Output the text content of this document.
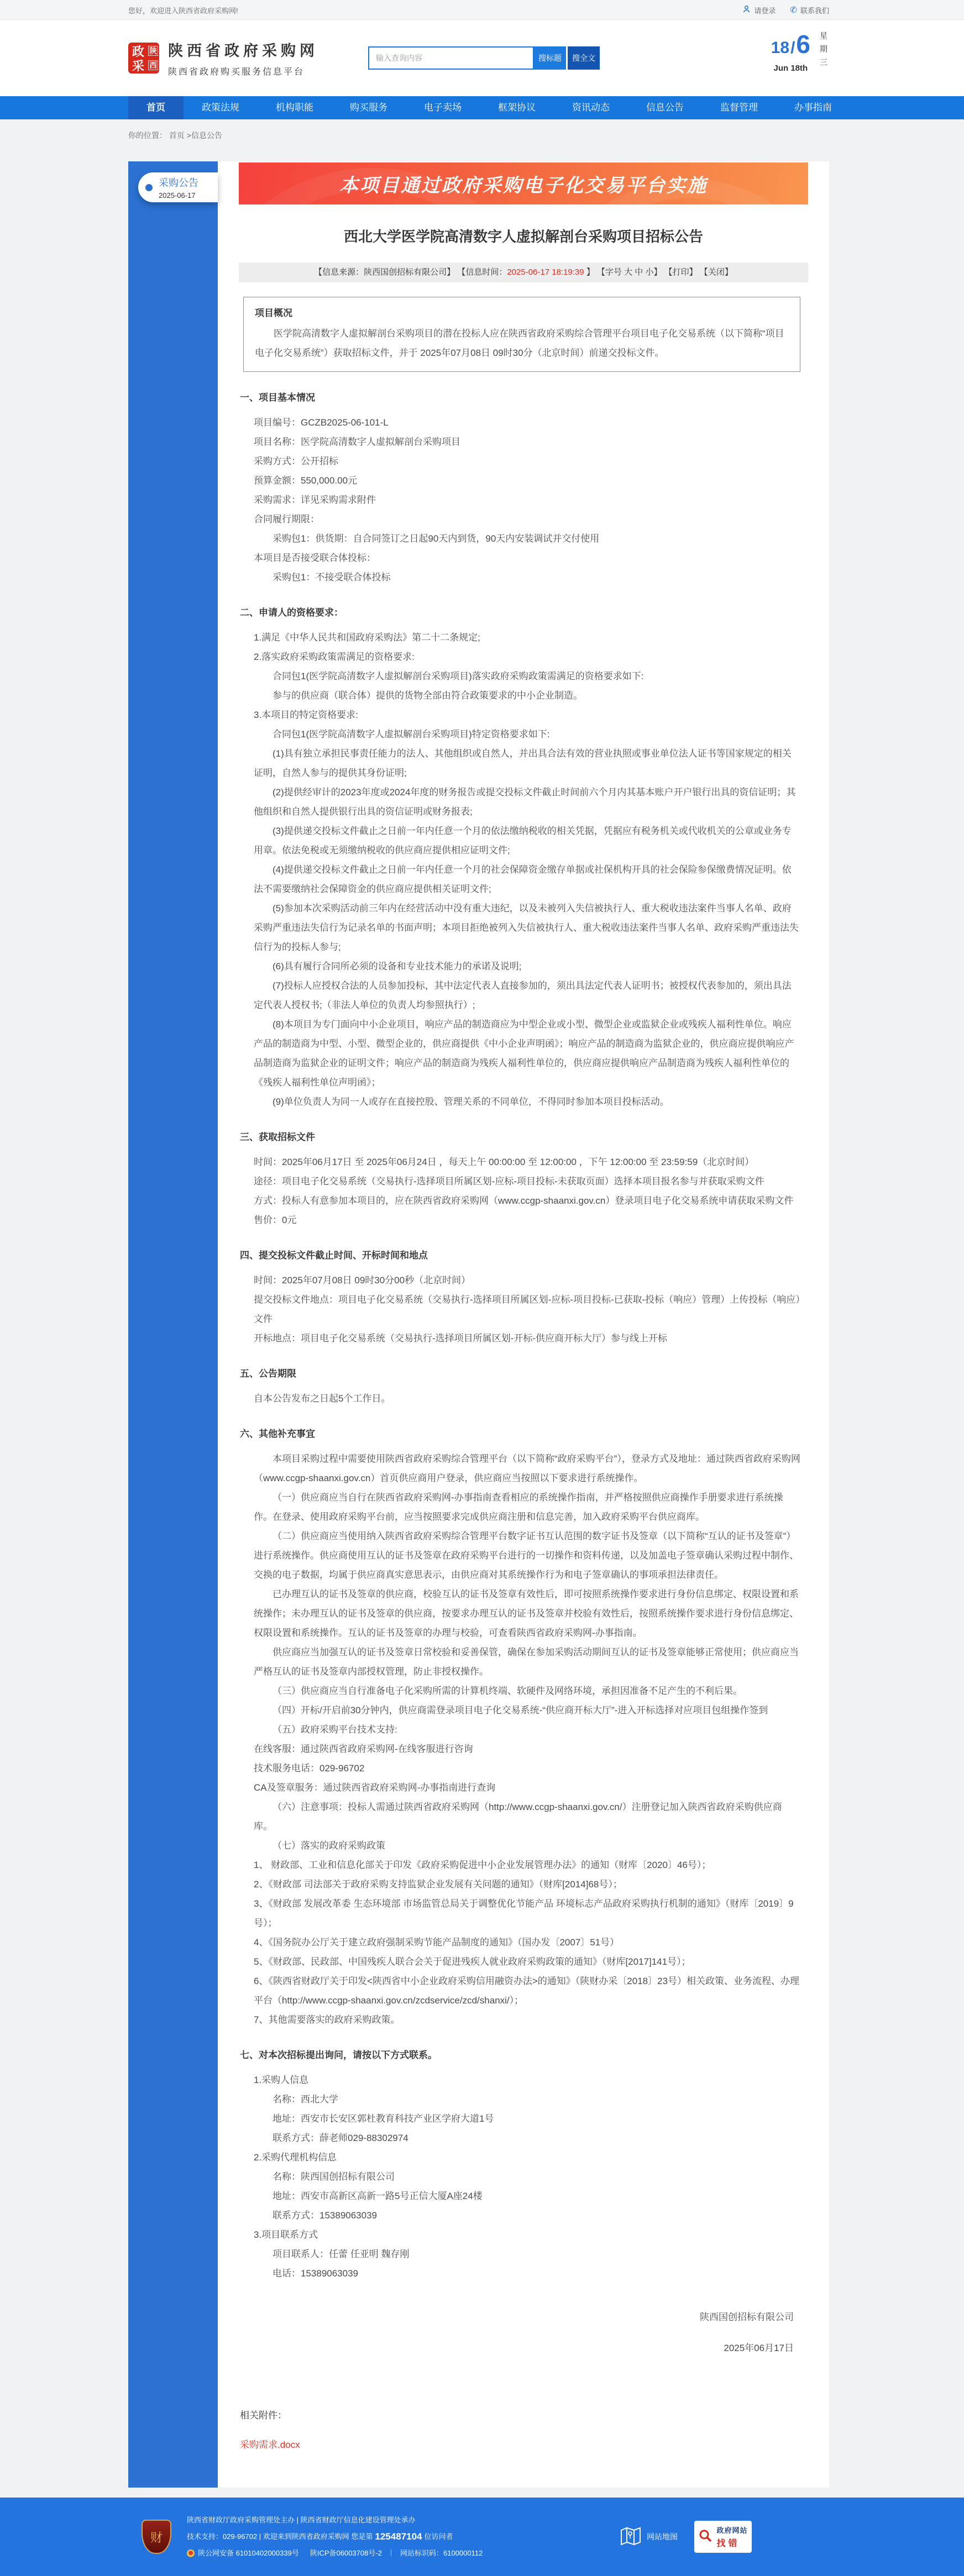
您好，欢迎进入陕西省政府采购网!	请登录 ✆ 联系我们
政 陕
采 西
陕西省政府采购网
陕西省政府购买服务信息平台
输入查询内容
搜标题	搜全文
18 / 6
Jun 18th	星期三
首页	政策法规	机构职能	购买服务	电子卖场	框架协议	资讯动态	信息公告	监督管理	办事指南
你的位置： 首页 >信息公告
采购公告
2025-06-17	本项目通过政府采购电子化交易平台实施
西北大学医学院高清数字人虚拟解剖台采购项目招标公告
【信息来源：陕西国创招标有限公司】 【信息时间：2025-06-17 18:19:39 】 【字号 大 中 小】 【打印】 【关闭】
项目概况
医学院高清数字人虚拟解剖台采购项目的潜在投标人应在陕西省政府采购综合管理平台项目电子化交易系统（以下简称“项目电子化交易系统”）获取招标文件，并于 2025年07月08日 09时30分（北京时间）前递交投标文件。
一、项目基本情况

项目编号：GCZB2025-06-101-L

项目名称：医学院高清数字人虚拟解剖台采购项目

采购方式：公开招标

预算金额：550,000.00元

采购需求：详见采购需求附件

合同履行期限：

采购包1：供货期：自合同签订之日起90天内到货，90天内安装调试并交付使用

本项目是否接受联合体投标：

采购包1：不接受联合体投标

二、申请人的资格要求：

1.满足《中华人民共和国政府采购法》第二十二条规定;

2.落实政府采购政策需满足的资格要求:

合同包1(医学院高清数字人虚拟解剖台采购项目)落实政府采购政策需满足的资格要求如下:

参与的供应商（联合体）提供的货物全部由符合政策要求的中小企业制造。

3.本项目的特定资格要求:

合同包1(医学院高清数字人虚拟解剖台采购项目)特定资格要求如下:

(1)具有独立承担民事责任能力的法人、其他组织或自然人，并出具合法有效的营业执照或事业单位法人证书等国家规定的相关证明，自然人参与的提供其身份证明;

(2)提供经审计的2023年度或2024年度的财务报告或提交投标文件截止时间前六个月内其基本账户开户银行出具的资信证明；其他组织和自然人提供银行出具的资信证明或财务报表;

(3)提供递交投标文件截止之日前一年内任意一个月的依法缴纳税收的相关凭据，凭据应有税务机关或代收机关的公章或业务专用章。依法免税或无须缴纳税收的供应商应提供相应证明文件;

(4)提供递交投标文件截止之日前一年内任意一个月的社会保障资金缴存单据或社保机构开具的社会保险参保缴费情况证明。依法不需要缴纳社会保障资金的供应商应提供相关证明文件;

(5)参加本次采购活动前三年内在经营活动中没有重大违纪，以及未被列入失信被执行人、重大税收违法案件当事人名单、政府采购严重违法失信行为记录名单的书面声明；本项目拒绝被列入失信被执行人、重大税收违法案件当事人名单、政府采购严重违法失信行为的投标人参与;

(6)具有履行合同所必须的设备和专业技术能力的承诺及说明;

(7)投标人应授权合法的人员参加投标，其中法定代表人直接参加的，须出具法定代表人证明书；被授权代表参加的，须出具法定代表人授权书;（非法人单位的负责人均参照执行）;

(8)本项目为专门面向中小企业项目，响应产品的制造商应为中型企业或小型、微型企业或监狱企业或残疾人福利性单位。响应产品的制造商为中型、小型、微型企业的，供应商提供《中小企业声明函》；响应产品的制造商为监狱企业的，供应商应提供响应产品制造商为监狱企业的证明文件；响应产品的制造商为残疾人福利性单位的，供应商应提供响应产品制造商为残疾人福利性单位的《残疾人福利性单位声明函》；

(9)单位负责人为同一人或存在直接控股、管理关系的不同单位，不得同时参加本项目投标活动。

三、获取招标文件

时间：2025年06月17日 至 2025年06月24日 ，每天上午 00:00:00 至 12:00:00 ，下午 12:00:00 至 23:59:59（北京时间）

途径：项目电子化交易系统（交易执行-选择项目所属区划-应标-项目投标-未获取页面）选择本项目报名参与并获取采购文件

方式：投标人有意参加本项目的，应在陕西省政府采购网（www.ccgp-shaanxi.gov.cn）登录项目电子化交易系统申请获取采购文件

售价：0元

四、提交投标文件截止时间、开标时间和地点

时间：2025年07月08日 09时30分00秒（北京时间）

提交投标文件地点：项目电子化交易系统（交易执行-选择项目所属区划-应标-项目投标-已获取-投标（响应）管理）上传投标（响应）文件

开标地点：项目电子化交易系统（交易执行-选择项目所属区划-开标-供应商开标大厅）参与线上开标

五、公告期限

自本公告发布之日起5个工作日。

六、其他补充事宜

本项目采购过程中需要使用陕西省政府采购综合管理平台（以下简称“政府采购平台”），登录方式及地址：通过陕西省政府采购网（www.ccgp-shaanxi.gov.cn）首页供应商用户登录，供应商应当按照以下要求进行系统操作。

（一）供应商应当自行在陕西省政府采购网-办事指南查看相应的系统操作指南，并严格按照供应商操作手册要求进行系统操作。在登录、使用政府采购平台前，应当按照要求完成供应商注册和信息完善，加入政府采购平台供应商库。

（二）供应商应当使用纳入陕西省政府采购综合管理平台数字证书互认范围的数字证书及签章（以下简称“互认的证书及签章”）进行系统操作。供应商使用互认的证书及签章在政府采购平台进行的一切操作和资料传递，以及加盖电子签章确认采购过程中制作、交换的电子数据，均属于供应商真实意思表示，由供应商对其系统操作行为和电子签章确认的事项承担法律责任。

已办理互认的证书及签章的供应商，校验互认的证书及签章有效性后，即可按照系统操作要求进行身份信息绑定、权限设置和系统操作；未办理互认的证书及签章的供应商，按要求办理互认的证书及签章并校验有效性后，按照系统操作要求进行身份信息绑定、权限设置和系统操作。互认的证书及签章的办理与校验，可查看陕西省政府采购网-办事指南。

供应商应当加强互认的证书及签章日常校验和妥善保管，确保在参加采购活动期间互认的证书及签章能够正常使用；供应商应当严格互认的证书及签章内部授权管理，防止非授权操作。

（三）供应商应当自行准备电子化采购所需的计算机终端、软硬件及网络环境，承担因准备不足产生的不利后果。

（四）开标/开启前30分钟内，供应商需登录项目电子化交易系统-“供应商开标大厅”-进入开标选择对应项目包组操作签到

（五）政府采购平台技术支持:

在线客服：通过陕西省政府采购网-在线客服进行咨询

技术服务电话：029-96702

CA及签章服务：通过陕西省政府采购网-办事指南进行查询

（六）注意事项：投标人需通过陕西省政府采购网（http://www.ccgp-shaanxi.gov.cn/）注册登记加入陕西省政府采购供应商库。

（七）落实的政府采购政策

1、 财政部、工业和信息化部关于印发《政府采购促进中小企业发展管理办法》的通知（财库〔2020〕46号）；

2、《财政部 司法部关于政府采购支持监狱企业发展有关问题的通知》（财库[2014]68号）；

3、《财政部 发展改革委 生态环境部 市场监管总局关于调整优化节能产品 环境标志产品政府采购执行机制的通知》（财库〔2019〕9号）；

4、《国务院办公厅关于建立政府强制采购节能产品制度的通知》（国办发〔2007〕51号）

5、《财政部、民政部、中国残疾人联合会关于促进残疾人就业政府采购政策的通知》（财库[2017]141号）；

6、《陕西省财政厅关于印发<陕西省中小企业政府采购信用融资办法>的通知》（陕财办采〔2018〕23号）相关政策、业务流程、办理平台（http://www.ccgp-shaanxi.gov.cn/zcdservice/zcd/shanxi/）；

7、其他需要落实的政府采购政策。

七、对本次招标提出询问，请按以下方式联系。

1.采购人信息

名称：西北大学

地址：西安市长安区郭杜教育科技产业区学府大道1号

联系方式：薛老师029-88302974

2.采购代理机构信息

名称：陕西国创招标有限公司

地址：西安市高新区高新一路5号正信大厦A座24楼

联系方式：15389063039

3.项目联系方式

项目联系人：任蕾 任亚明 魏存刚

电话：15389063039

陕西国创招标有限公司
2025年06月17日
相关附件：
采购需求.docx
财
陕西省财政厅政府采购管理处主办 | 陕西省财政厅信息化建设管理处承办
技术支持：029-96702 | 欢迎来到陕西省政府采购网 您是第 125487104 位访问者
陕公网安备 61010402000339号 陕ICP备06003708号-2 ｜ 网站标识码：6100000112
网站地图
政府网站
找错
